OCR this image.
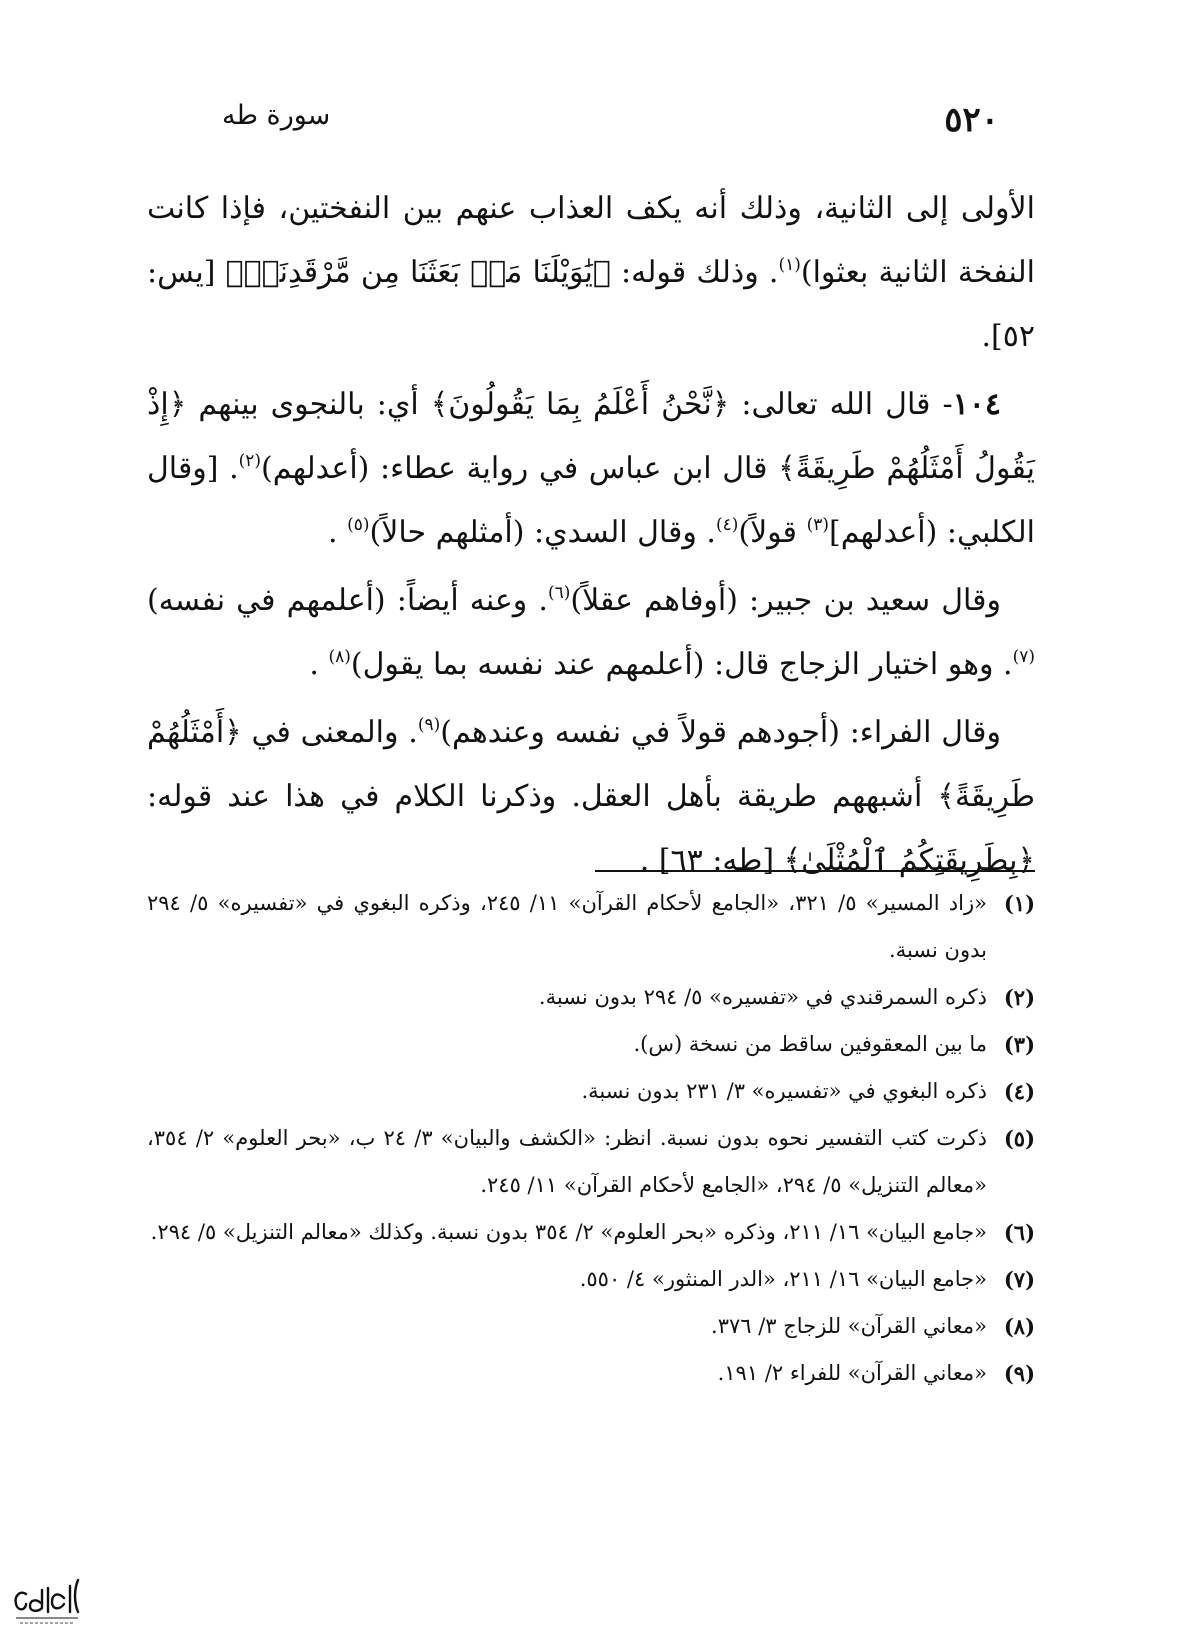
٥٢٠
سورة طه

الأولى إلى الثانية، وذلك أنه يكف العذاب عنهم بين النفختين، فإذا كانت النفخة الثانية بعثوا)$^{(١)}$. وذلك قوله: ﴿يَٰوَيْلَنَا مَنۢ بَعَثَنَا مِن مَّرْقَدِنَاۜ﴾ [يس: ٥٢].

١٠٤- قال الله تعالى: ﴿نَّحْنُ أَعْلَمُ بِمَا يَقُولُونَ﴾ أي: بالنجوى بينهم ﴿إِذْ يَقُولُ أَمْثَلُهُمْ طَرِيقَةً﴾ قال ابن عباس في رواية عطاء: (أعدلهم)$^{(٢)}$. [وقال الكلبي: (أعدلهم]$^{(٣)}$ قولاً)$^{(٤)}$. وقال السدي: (أمثلهم حالاً)$^{(٥)}$ .

وقال سعيد بن جبير: (أوفاهم عقلاً)$^{(٦)}$. وعنه أيضاً: (أعلمهم في نفسه)$^{(٧)}$. وهو اختيار الزجاج قال: (أعلمهم عند نفسه بما يقول)$^{(٨)}$ .

وقال الفراء: (أجودهم قولاً في نفسه وعندهم)$^{(٩)}$. والمعنى في ﴿أَمْثَلُهُمْ طَرِيقَةً﴾ أشبههم طريقة بأهل العقل. وذكرنا الكلام في هذا عند قوله: ﴿بِطَرِيقَتِكُمُ ٱلْمُثْلَىٰ﴾ [طه: ٦٣] .

(١)
«زاد المسير» ٥/ ٣٢١، «الجامع لأحكام القرآن» ١١/ ٢٤٥، وذكره البغوي في «تفسيره» ٥/ ٢٩٤ بدون نسبة.
(٢)
ذكره السمرقندي في «تفسيره» ٥/ ٢٩٤ بدون نسبة.
(٣)
ما بين المعقوفين ساقط من نسخة (س).
(٤)
ذكره البغوي في «تفسيره» ٣/ ٢٣١ بدون نسبة.
(٥)
ذكرت كتب التفسير نحوه بدون نسبة. انظر: «الكشف والبيان» ٣/ ٢٤ ب، «بحر العلوم» ٢/ ٣٥٤، «معالم التنزيل» ٥/ ٢٩٤، «الجامع لأحكام القرآن» ١١/ ٢٤٥.
(٦)
«جامع البيان» ١٦/ ٢١١، وذكره «بحر العلوم» ٢/ ٣٥٤ بدون نسبة. وكذلك «معالم التنزيل» ٥/ ٢٩٤.
(٧)
«جامع البيان» ١٦/ ٢١١، «الدر المنثور» ٤/ ٥٥٠.
(٨)
«معاني القرآن» للزجاج ٣/ ٣٧٦.
(٩)
«معاني القرآن» للفراء ٢/ ١٩١.
